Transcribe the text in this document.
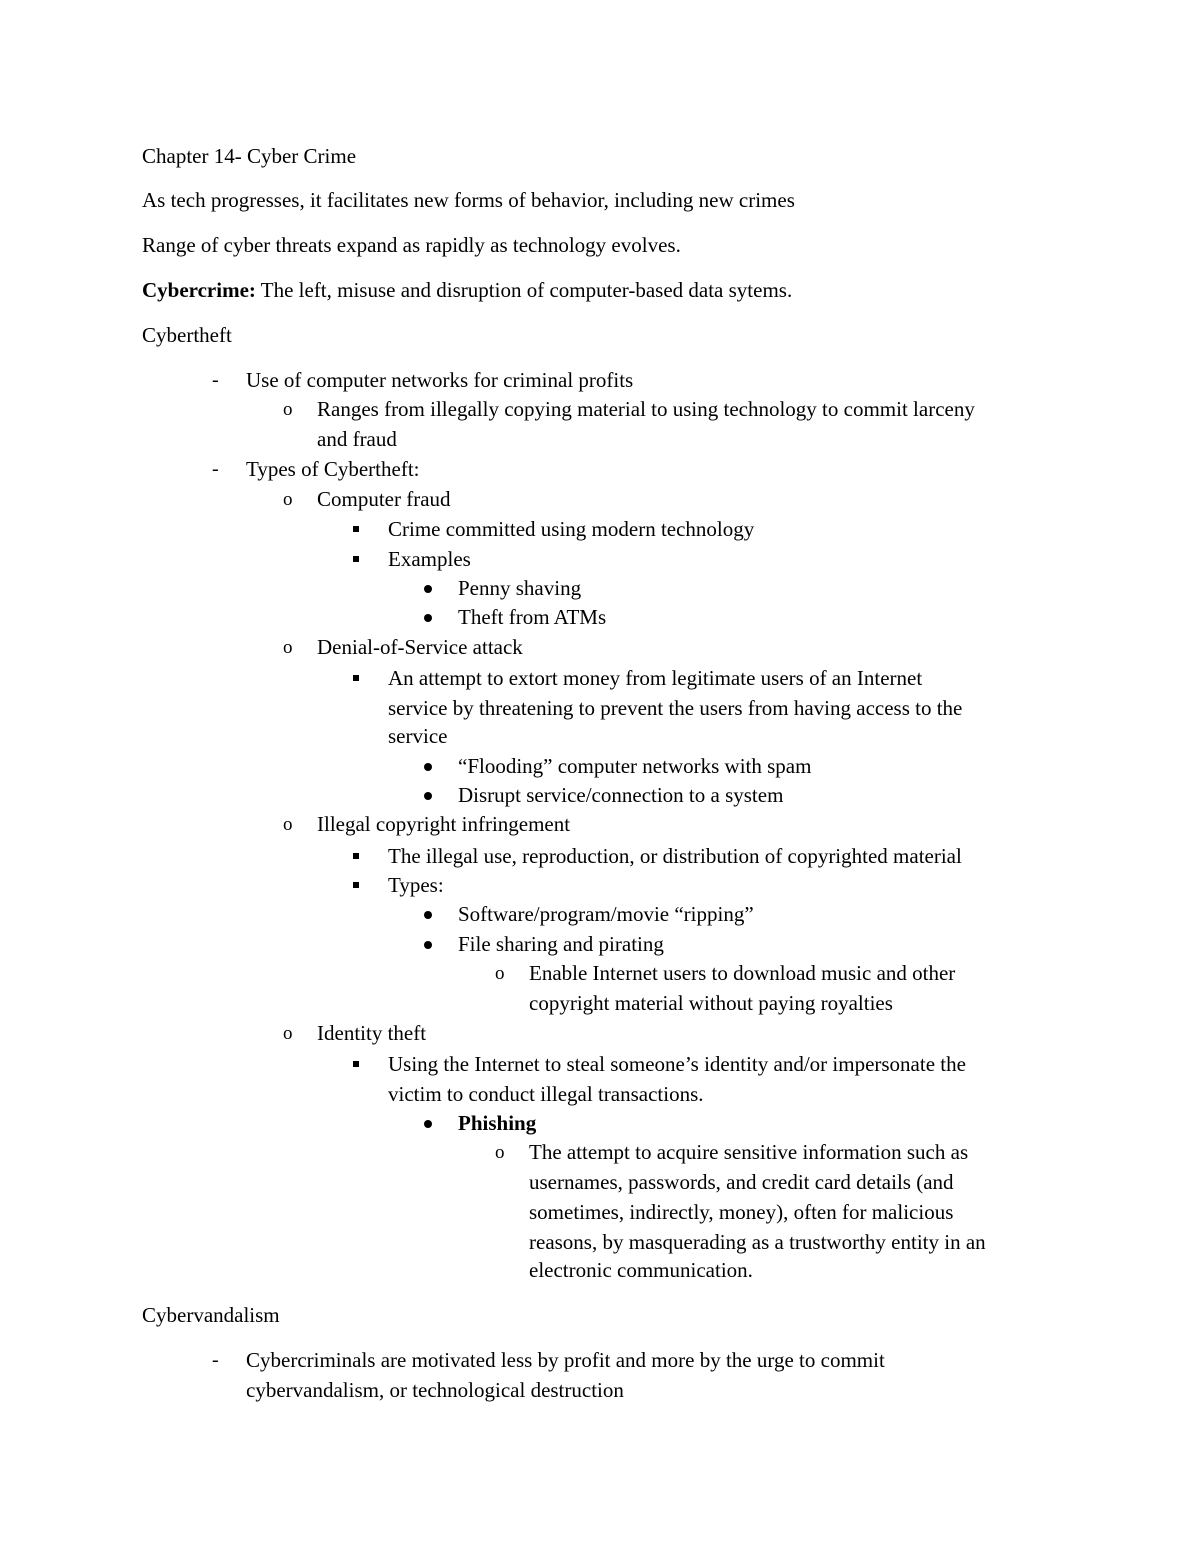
Chapter 14- Cyber Crime
As tech progresses, it facilitates new forms of behavior, including new crimes
Range of cyber threats expand as rapidly as technology evolves.
Cybercrime: The left, misuse and disruption of computer-based data sytems.
Cybertheft
- Use of computer networks for criminal profits
o Ranges from illegally copying material to using technology to commit larceny
and fraud
- Types of Cybertheft:
o Computer fraud
Crime committed using modern technology
Examples
Penny shaving
Theft from ATMs
o Denial-of-Service attack
An attempt to extort money from legitimate users of an Internet
service by threatening to prevent the users from having access to the
service
“Flooding” computer networks with spam
Disrupt service/connection to a system
o Illegal copyright infringement
The illegal use, reproduction, or distribution of copyrighted material
Types:
Software/program/movie “ripping”
File sharing and pirating
o Enable Internet users to download music and other
copyright material without paying royalties
o Identity theft
Using the Internet to steal someone’s identity and/or impersonate the
victim to conduct illegal transactions.
Phishing
o The attempt to acquire sensitive information such as
usernames, passwords, and credit card details (and
sometimes, indirectly, money), often for malicious
reasons, by masquerading as a trustworthy entity in an
electronic communication.
Cybervandalism
- Cybercriminals are motivated less by profit and more by the urge to commit
cybervandalism, or technological destruction
